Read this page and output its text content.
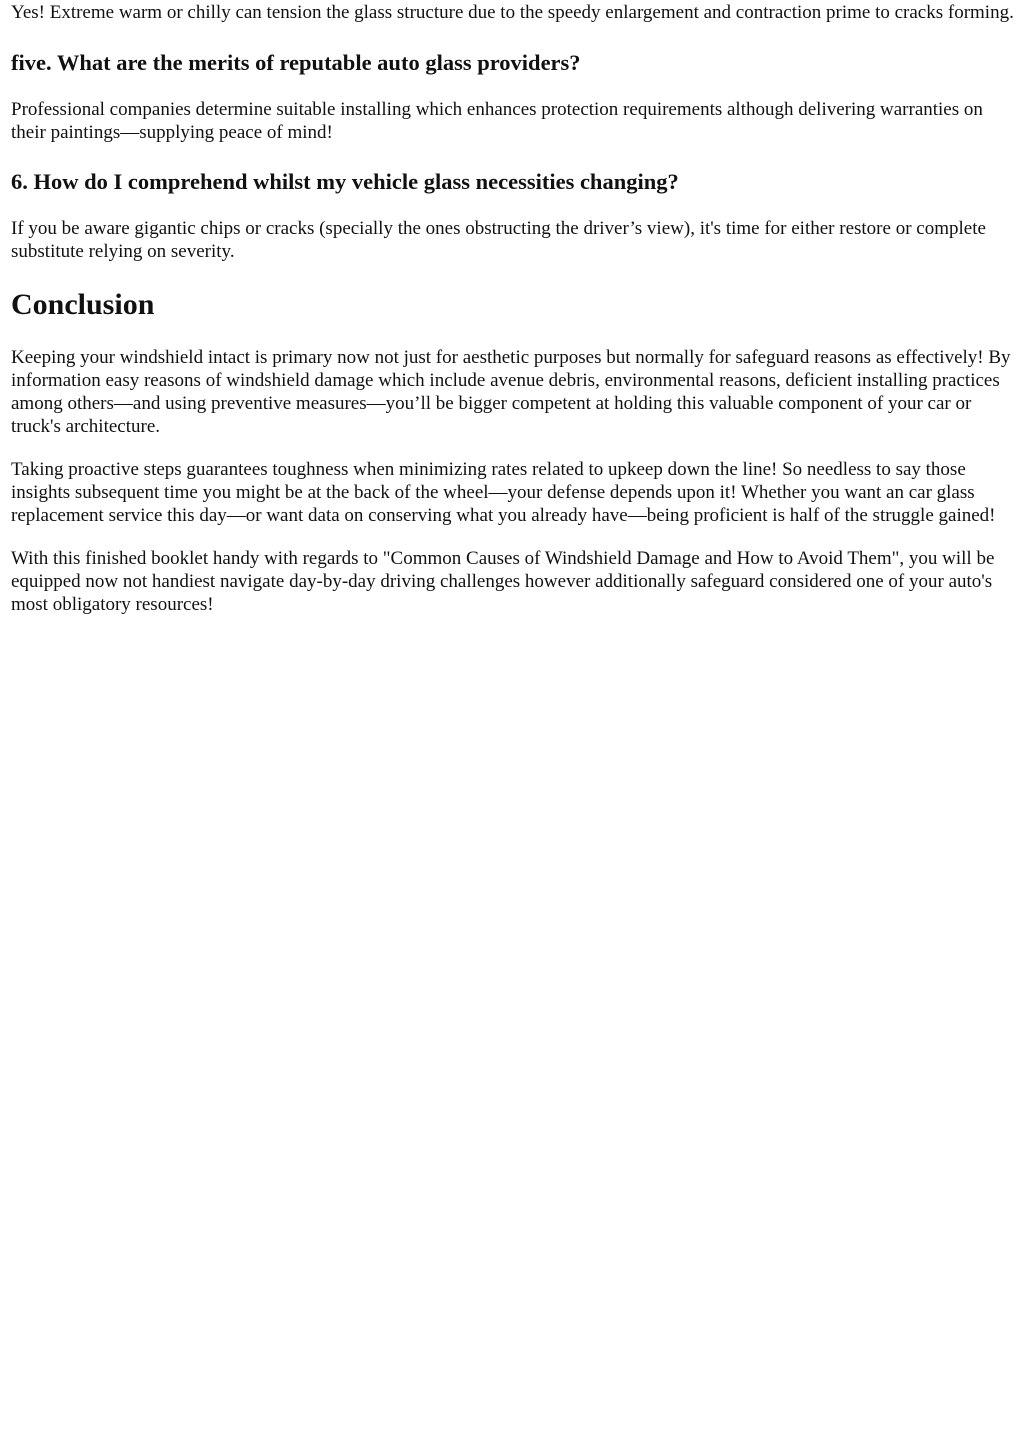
Yes! Extreme warm or chilly can tension the glass structure due to the speedy enlargement and contraction prime to cracks forming.

five. What are the merits of reputable auto glass providers?

Professional companies determine suitable installing which enhances protection requirements although delivering warranties on their paintings—supplying peace of mind!

6. How do I comprehend whilst my vehicle glass necessities changing?

If you be aware gigantic chips or cracks (specially the ones obstructing the driver’s view), it's time for either restore or complete substitute relying on severity.

Conclusion

Keeping your windshield intact is primary now not just for aesthetic purposes but normally for safeguard reasons as effectively! By information easy reasons of windshield damage which include avenue debris, environmental reasons, deficient installing practices among others—and using preventive measures—you’ll be bigger competent at holding this valuable component of your car or truck's architecture.

Taking proactive steps guarantees toughness when minimizing rates related to upkeep down the line! So needless to say those insights subsequent time you might be at the back of the wheel—your defense depends upon it! Whether you want an car glass replacement service this day—or want data on conserving what you already have—being proficient is half of the struggle gained!

With this finished booklet handy with regards to "Common Causes of Windshield Damage and How to Avoid Them", you will be equipped now not handiest navigate day-by-day driving challenges however additionally safeguard considered one of your auto's most obligatory resources!
